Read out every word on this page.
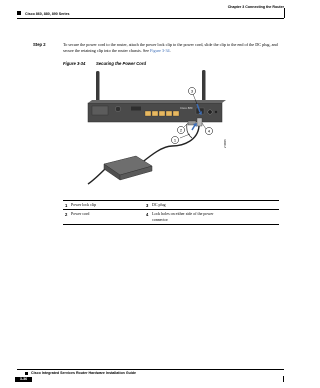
Chapter 3 Connecting the Router
Cisco 860, 880, 890 Series
Step 2	To secure the power cord to the router, attach the power lock clip to the power cord, slide the clip to the end of the DC plug, and secure the retaining clip into the router chassis. See Figure 3-34.
Figure 3-34	Securing the Power Cord
Cisco 880
3
2
1
4
270605
1 Power lock clip	3 DC plug
2 Power cord	4 Lock holes on either side of the power connector
Cisco Integrated Services Router Hardware Installation Guide
3-36
